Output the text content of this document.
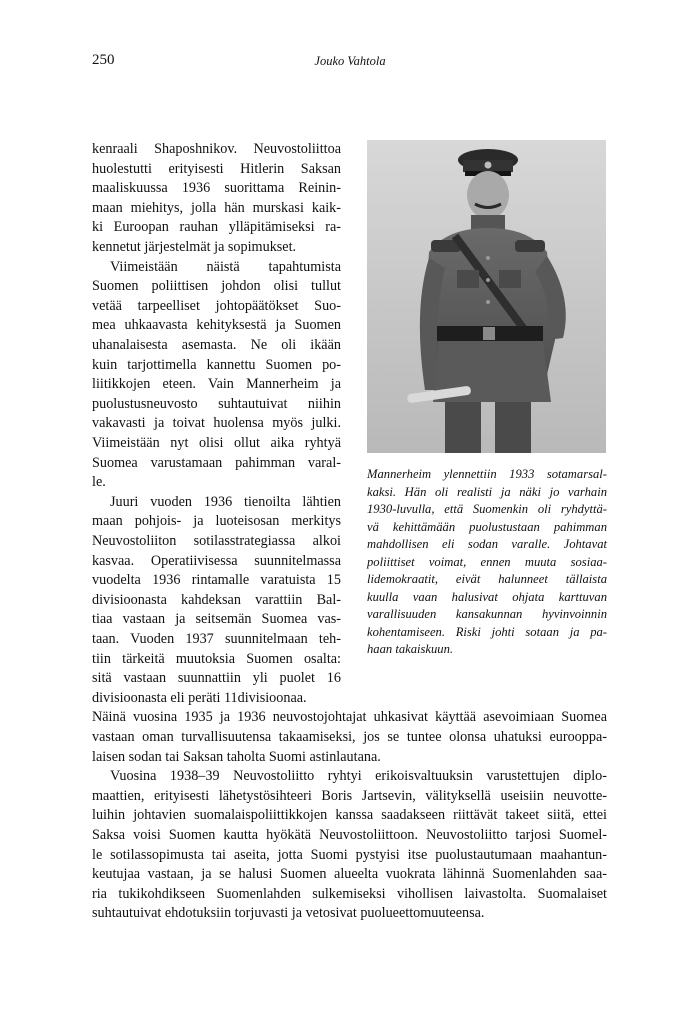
250	Jouko Vahtola
kenraali Shaposhnikov. Neuvostoliittoa
huolestutti erityisesti Hitlerin Saksan
maaliskuussa 1936 suorittama Reinin-
maan miehitys, jolla hän murskasi kaik-
ki Euroopan rauhan ylläpitämiseksi ra-
kennetut järjestelmät ja sopimukset.
Viimeistään näistä tapahtumista
Suomen poliittisen johdon olisi tullut
vetää tarpeelliset johtopäätökset Suo-
mea uhkaavasta kehityksestä ja Suomen
uhanalaisesta asemasta. Ne oli ikään
kuin tarjottimella kannettu Suomen po-
liitikkojen eteen. Vain Mannerheim ja
puolustusneuvosto suhtautuivat niihin
vakavasti ja toivat huolensa myös julki.
Viimeistään nyt olisi ollut aika ryhtyä
Suomea varustamaan pahimman varal-
le.
Juuri vuoden 1936 tienoilta lähtien
maan pohjois- ja luoteisosan merkitys
Neuvostoliiton sotilasstrategiassa alkoi
kasvaa. Operatiivisessa suunnitelmassa
vuodelta 1936 rintamalle varatuista 15
divisioonasta kahdeksan varattiin Bal-
tiaa vastaan ja seitsemän Suomea vas-
taan. Vuoden 1937 suunnitelmaan teh-
tiin tärkeitä muutoksia Suomen osalta:
sitä vastaan suunnattiin yli puolet 16
divisioonasta eli peräti 11divisioonaa.
Näinä vuosina 1935 ja 1936 neuvostojohtajat uhkasivat käyttää asevoimiaan Suomea
vastaan oman turvallisuutensa takaamiseksi, jos se tuntee olonsa uhatuksi eurooppa-
laisen sodan tai Saksan taholta Suomi astinlautana.
Vuosina 1938–39 Neuvostoliitto ryhtyi erikoisvaltuuksin varustettujen diplo-
maattien, erityisesti lähetystösihteeri Boris Jartsevin, välityksellä useisiin neuvotte-
luihin johtavien suomalaispoliittikkojen kanssa saadakseen riittävät takeet siitä, ettei
Saksa voisi Suomen kautta hyökätä Neuvostoliittoon. Neuvostoliitto tarjosi Suomel-
le sotilassopimusta tai aseita, jotta Suomi pystyisi itse puolustautumaan maahantun-
keutujaa vastaan, ja se halusi Suomen alueelta vuokrata lähinnä Suomenlahden saa-
ria tukikohdikseen Suomenlahden sulkemiseksi vihollisen laivastolta. Suomalaiset
suhtautuivat ehdotuksiin torjuvasti ja vetosivat puolueettomuuteensa.
Mannerheim ylennettiin 1933 sotamarsal-
kaksi. Hän oli realisti ja näki jo varhain
1930-luvulla, että Suomenkin oli ryhdyttä-
vä kehittämään puolustustaan pahimman
mahdollisen eli sodan varalle. Johtavat
poliittiset voimat, ennen muuta sosiaa-
lidemokraatit, eivät halunneet tällaista
kuulla vaan halusivat ohjata karttuvan
varallisuuden kansakunnan hyvinvoinnin
kohentamiseen. Riski johti sotaan ja pa-
haan takaiskuun.
